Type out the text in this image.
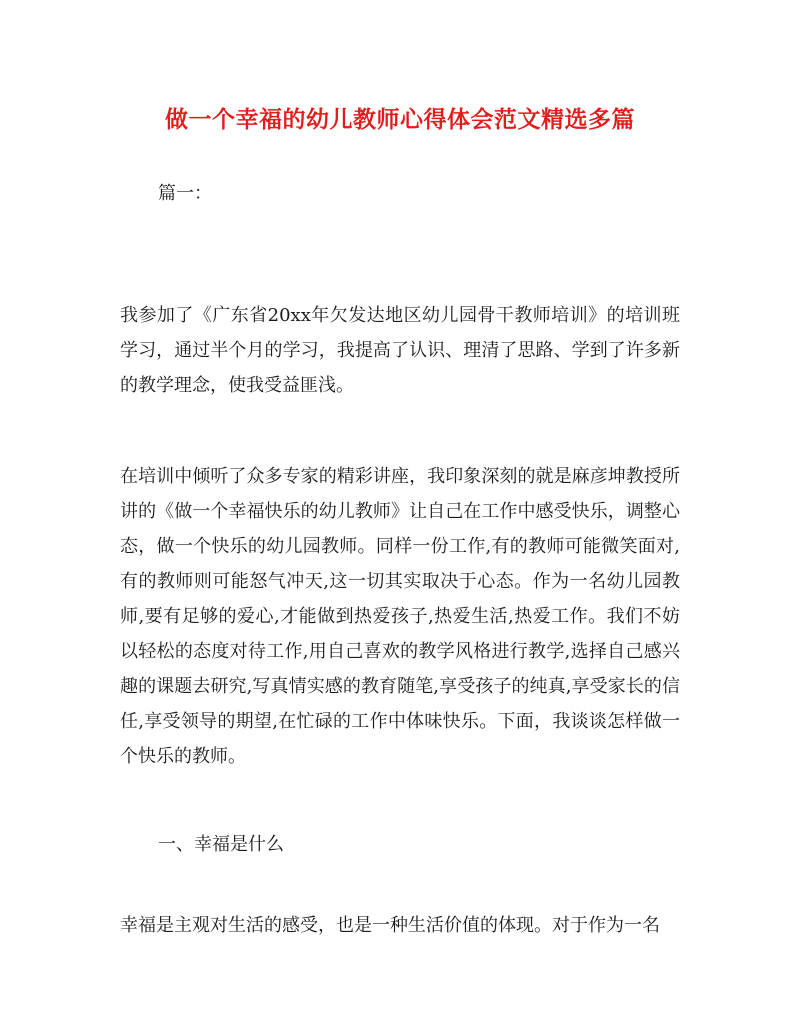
做一个幸福的幼儿教师心得体会范文精选多篇
篇一：

我参加了《广东省20xx年欠发达地区幼儿园骨干教师培训》的培训班学习，通过半个月的学习，我提高了认识、理清了思路、学到了许多新的教学理念，使我受益匪浅。

在培训中倾听了众多专家的精彩讲座，我印象深刻的就是麻彦坤教授所讲的《做一个幸福快乐的幼儿教师》让自己在工作中感受快乐，调整心态，做一个快乐的幼儿园教师。同样一份工作,有的教师可能微笑面对,有的教师则可能怒气冲天,这一切其实取决于心态。作为一名幼儿园教师,要有足够的爱心,才能做到热爱孩子,热爱生活,热爱工作。我们不妨以轻松的态度对待工作,用自己喜欢的教学风格进行教学,选择自己感兴趣的课题去研究,写真情实感的教育随笔,享受孩子的纯真,享受家长的信任,享受领导的期望,在忙碌的工作中体味快乐。下面，我谈谈怎样做一个快乐的教师。

一、幸福是什么

幸福是主观对生活的感受，也是一种生活价值的体现。对于作为一名
